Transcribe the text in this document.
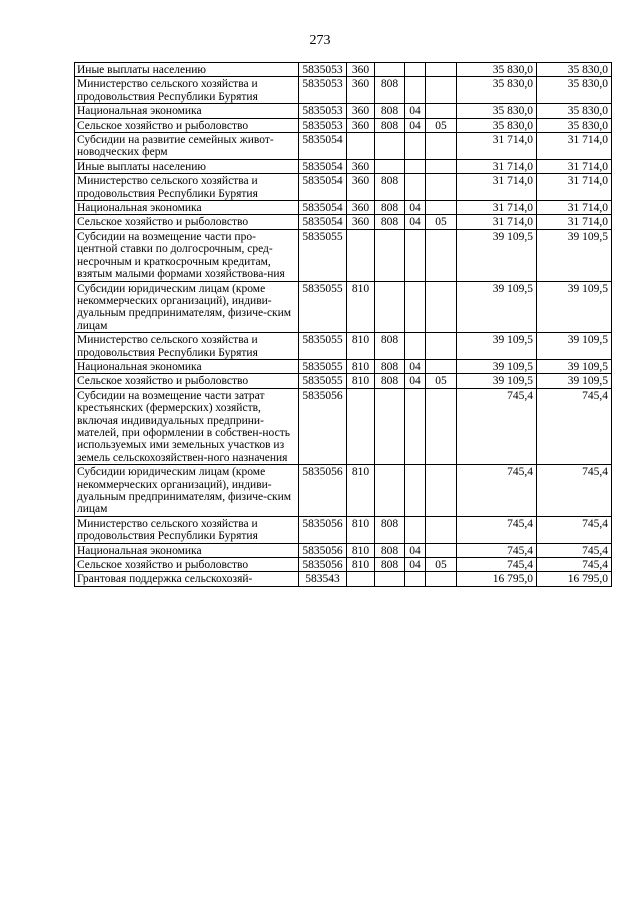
273
Иные выплаты населению	5835053	360				35 830,0	35 830,0
Министерство сельского хозяйства и продовольствия Республики Бурятия	5835053	360	808			35 830,0	35 830,0
Национальная экономика	5835053	360	808	04		35 830,0	35 830,0
Сельское хозяйство и рыболовство	5835053	360	808	04	05	35 830,0	35 830,0
Субсидии на развитие семейных живот-новодческих ферм	5835054					31 714,0	31 714,0
Иные выплаты населению	5835054	360				31 714,0	31 714,0
Министерство сельского хозяйства и продовольствия Республики Бурятия	5835054	360	808			31 714,0	31 714,0
Национальная экономика	5835054	360	808	04		31 714,0	31 714,0
Сельское хозяйство и рыболовство	5835054	360	808	04	05	31 714,0	31 714,0
Субсидии на возмещение части про-центной ставки по долгосрочным, сред-несрочным и краткосрочным кредитам, взятым малыми формами хозяйствова-ния	5835055					39 109,5	39 109,5
Субсидии юридическим лицам (кроме некоммерческих организаций), индиви-дуальным предпринимателям, физиче-ским лицам	5835055	810				39 109,5	39 109,5
Министерство сельского хозяйства и продовольствия Республики Бурятия	5835055	810	808			39 109,5	39 109,5
Национальная экономика	5835055	810	808	04		39 109,5	39 109,5
Сельское хозяйство и рыболовство	5835055	810	808	04	05	39 109,5	39 109,5
Субсидии на возмещение части затрат крестьянских (фермерских) хозяйств, включая индивидуальных предприни-мателей, при оформлении в собствен-ность используемых ими земельных участков из земель сельскохозяйствен-ного назначения	5835056					745,4	745,4
Субсидии юридическим лицам (кроме некоммерческих организаций), индиви-дуальным предпринимателям, физиче-ским лицам	5835056	810				745,4	745,4
Министерство сельского хозяйства и продовольствия Республики Бурятия	5835056	810	808			745,4	745,4
Национальная экономика	5835056	810	808	04		745,4	745,4
Сельское хозяйство и рыболовство	5835056	810	808	04	05	745,4	745,4
Грантовая поддержка сельскохозяй-	583543					16 795,0	16 795,0
